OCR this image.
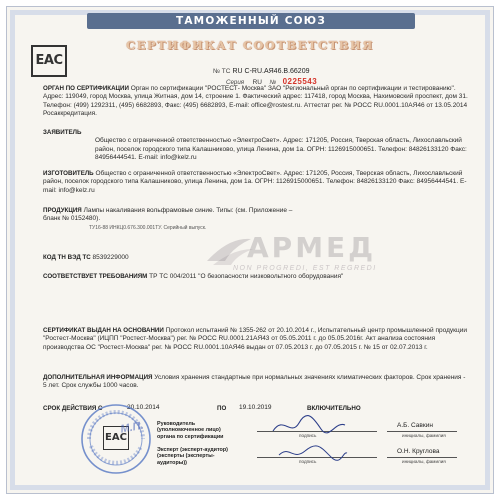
ТАМОЖЕННЫЙ СОЮЗ
СЕРТИФИКАТ СООТВЕТСТВИЯ
EAC
№ ТС RU C-RU.AЯ46.B.66209
Серия RU № 0225543
ОРГАН ПО СЕРТИФИКАЦИИ Орган по сертификации "РОСТЕСТ- Москва" ЗАО "Региональный орган по сертификации и тестированию". Адрес: 119049, город Москва, улица Житная, дом 14, строение 1. Фактический адрес: 117418, город Москва, Нахимовский проспект, дом 31. Телефон: (499) 1292311, (495) 6682893, Факс: (495) 6682893, E-mail: office@rostest.ru. Аттестат рег. № РОСС RU.0001.10АЯ46 от 13.05.2014 Росаккредитация.
ЗАЯВИТЕЛЬ
Общество с ограниченной ответственностью «ЭлектроСвет». Адрес: 171205, Россия, Тверская область, Лихославльский район, поселок городского типа Калашниково, улица Ленина, дом 1а. ОГРН: 1126915000651. Телефон: 84826133120 Факс: 84956444541. E-mail: info@kelz.ru
ИЗГОТОВИТЕЛЬ Общество с ограниченной ответственностью «ЭлектроСвет». Адрес: 171205, Россия, Тверская область, Лихославльский район, поселок городского типа Калашниково, улица Ленина, дом 1а. ОГРН: 1126915000651. Телефон: 84826133120 Факс: 84956444541. E-mail: info@kelz.ru
ПРОДУКЦИЯ Лампы накаливания вольфрамовые синие. Типы: (см. Приложение – бланк № 0152480).
ТУ16-88 ИНКЦ0.676.300.001ТУ. Серийный выпуск.
АРМЕД
NON PROGREDI, EST REGREDI
КОД ТН ВЭД ТС 8539229000
СООТВЕТСТВУЕТ ТРЕБОВАНИЯМ ТР ТС 004/2011 "О безопасности низковольтного оборудования"
СЕРТИФИКАТ ВЫДАН НА ОСНОВАНИИ Протокол испытаний № 1355-262 от 20.10.2014 г., Испытательный центр промышленной продукции "Ростест-Москва" (ИЦПП "Ростест-Москва") рег. № РОСС RU.0001.21АЯ43 от 05.05.2011 г. до 05.05.2016г. Акт анализа состояния производства ОС "Ростест-Москва" рег. № РОСС RU.0001.10АЯ46 выдан от 07.05.2013 г. до 07.05.2015 г. № 15 от 02.07.2013 г.
ДОПОЛНИТЕЛЬНАЯ ИНФОРМАЦИЯ Условия хранения стандартные при нормальных значениях климатических факторов. Срок хранения - 5 лет. Срок службы 1000 часов.
СРОК ДЕЙСТВИЯ С	20.10.2014	ПО 19.10.2019	ВКЛЮЧИТЕЛЬНО
EAC
М.П.	Руководитель (уполномоченное лицо) органа по сертификации	подпись
А.Б. Савкин
инициалы, фамилия
Эксперт (эксперт-аудитор) (эксперты (эксперты-аудиторы))	подпись
О.Н. Круглова
инициалы, фамилия
